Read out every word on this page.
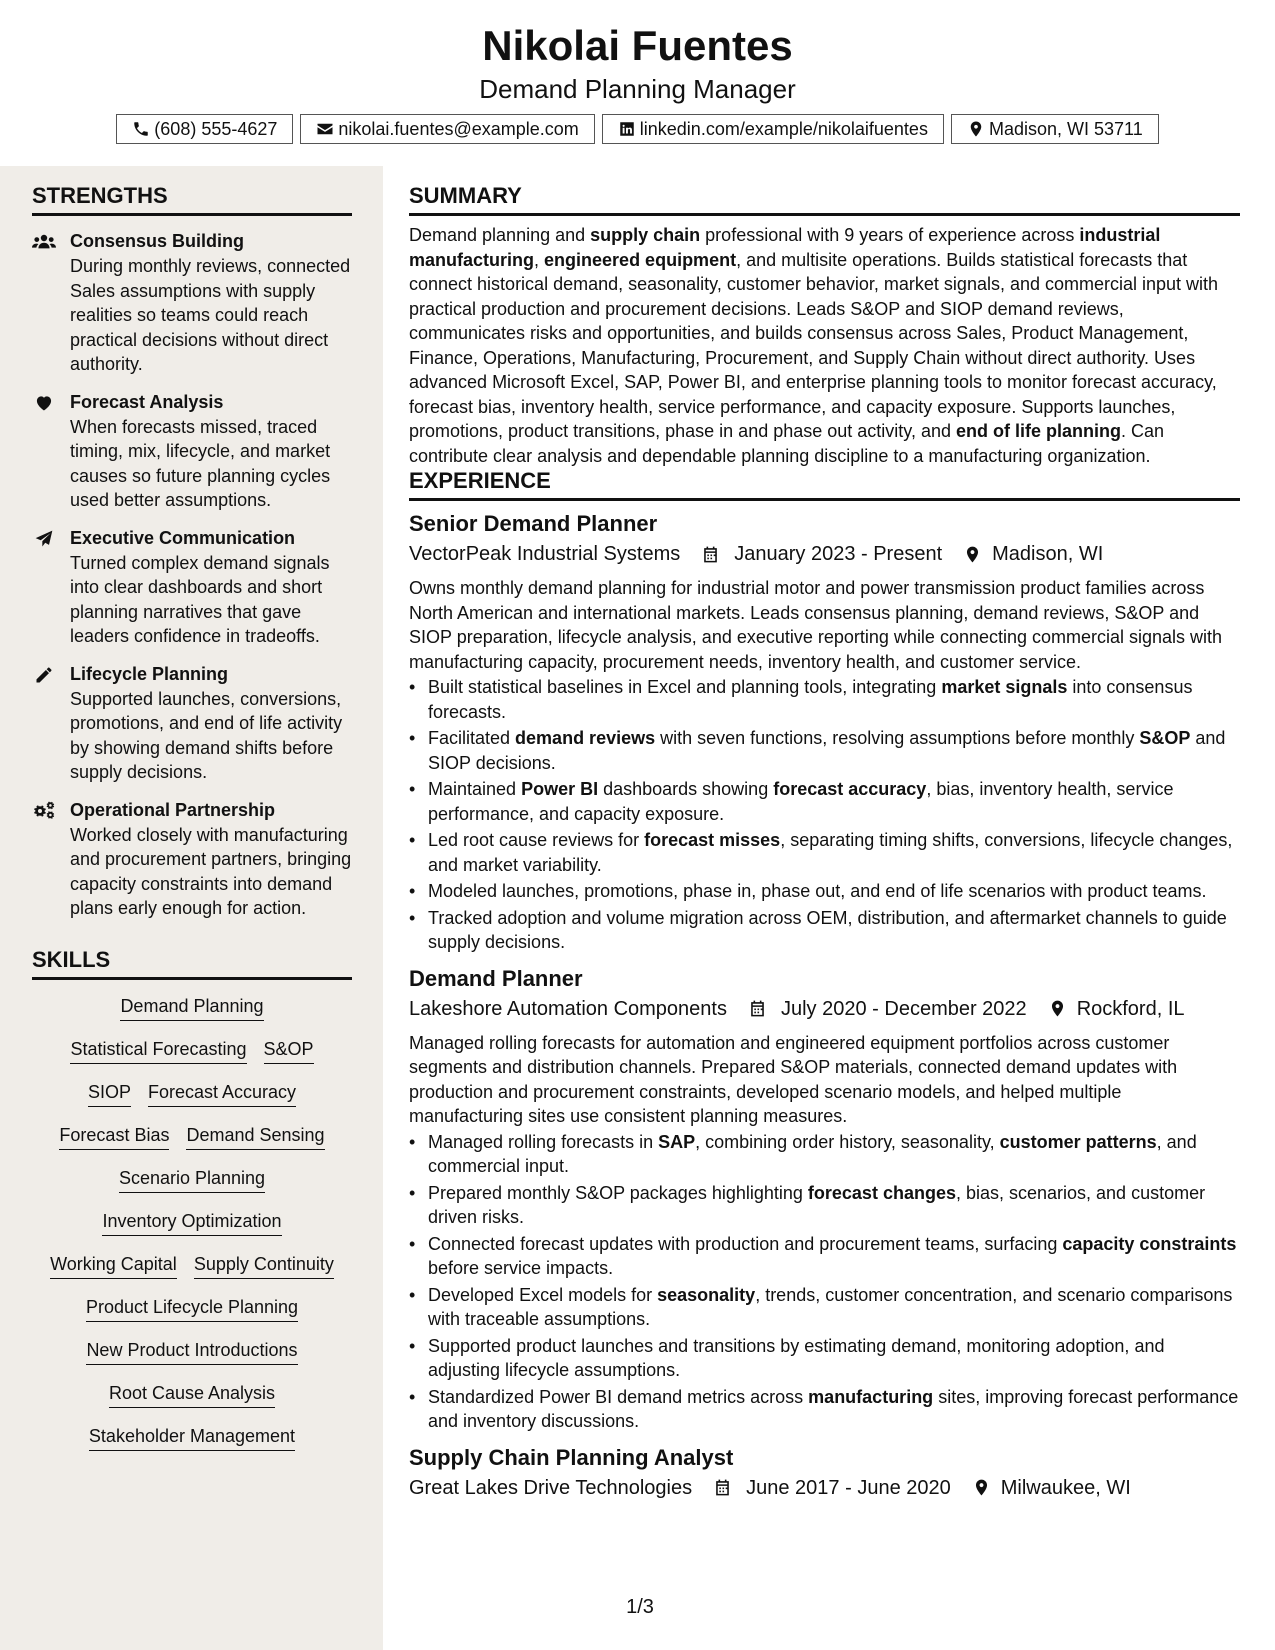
Nikolai Fuentes
Demand Planning Manager
(608) 555-4627	nikolai.fuentes@example.com	linkedin.com/example/nikolaifuentes	Madison, WI 53711
STRENGTHS
Consensus Building
During monthly reviews, connected Sales assumptions with supply realities so teams could reach practical decisions without direct authority.
Forecast Analysis
When forecasts missed, traced timing, mix, lifecycle, and market causes so future planning cycles used better assumptions.
Executive Communication
Turned complex demand signals into clear dashboards and short planning narratives that gave leaders confidence in tradeoffs.
Lifecycle Planning
Supported launches, conversions, promotions, and end of life activity by showing demand shifts before supply decisions.
Operational Partnership
Worked closely with manufacturing and procurement partners, bringing capacity constraints into demand plans early enough for action.
SKILLS
Demand Planning
Statistical Forecasting S&OP
SIOP Forecast Accuracy
Forecast Bias Demand Sensing
Scenario Planning
Inventory Optimization
Working Capital Supply Continuity
Product Lifecycle Planning
New Product Introductions
Root Cause Analysis
Stakeholder Management
SUMMARY

Demand planning and supply chain professional with 9 years of experience across industrial manufacturing, engineered equipment, and multisite operations. Builds statistical forecasts that connect historical demand, seasonality, customer behavior, market signals, and commercial input with practical production and procurement decisions. Leads S&OP and SIOP demand reviews, communicates risks and opportunities, and builds consensus across Sales, Product Management, Finance, Operations, Manufacturing, Procurement, and Supply Chain without direct authority. Uses advanced Microsoft Excel, SAP, Power BI, and enterprise planning tools to monitor forecast accuracy, forecast bias, inventory health, service performance, and capacity exposure. Supports launches, promotions, product transitions, phase in and phase out activity, and end of life planning. Can contribute clear analysis and dependable planning discipline to a manufacturing organization.

EXPERIENCE
Senior Demand Planner
VectorPeak Industrial Systems	January 2023 - Present	Madison, WI

Owns monthly demand planning for industrial motor and power transmission product families across North American and international markets. Leads consensus planning, demand reviews, S&OP and SIOP preparation, lifecycle analysis, and executive reporting while connecting commercial signals with manufacturing capacity, procurement needs, inventory health, and customer service.

• Built statistical baselines in Excel and planning tools, integrating market signals into consensus forecasts.
• Facilitated demand reviews with seven functions, resolving assumptions before monthly S&OP and SIOP decisions.
• Maintained Power BI dashboards showing forecast accuracy, bias, inventory health, service performance, and capacity exposure.
• Led root cause reviews for forecast misses, separating timing shifts, conversions, lifecycle changes, and market variability.
• Modeled launches, promotions, phase in, phase out, and end of life scenarios with product teams.
• Tracked adoption and volume migration across OEM, distribution, and aftermarket channels to guide supply decisions.
Demand Planner
Lakeshore Automation Components	July 2020 - December 2022	Rockford, IL

Managed rolling forecasts for automation and engineered equipment portfolios across customer segments and distribution channels. Prepared S&OP materials, connected demand updates with production and procurement constraints, developed scenario models, and helped multiple manufacturing sites use consistent planning measures.

• Managed rolling forecasts in SAP, combining order history, seasonality, customer patterns, and commercial input.
• Prepared monthly S&OP packages highlighting forecast changes, bias, scenarios, and customer driven risks.
• Connected forecast updates with production and procurement teams, surfacing capacity constraints before service impacts.
• Developed Excel models for seasonality, trends, customer concentration, and scenario comparisons with traceable assumptions.
• Supported product launches and transitions by estimating demand, monitoring adoption, and adjusting lifecycle assumptions.
• Standardized Power BI demand metrics across manufacturing sites, improving forecast performance and inventory discussions.
Supply Chain Planning Analyst
Great Lakes Drive Technologies	June 2017 - June 2020	Milwaukee, WI
1/3
